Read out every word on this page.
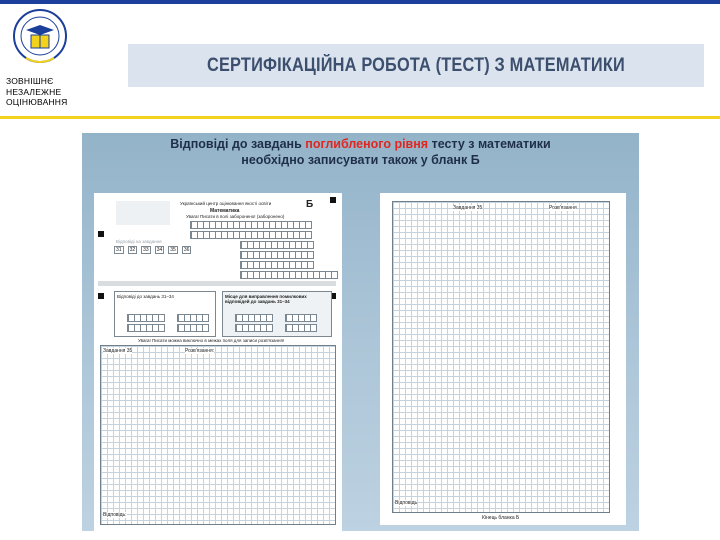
ЗОВНІШНЄ
НЕЗАЛЕЖНЕ
ОЦІНЮВАННЯ
СЕРТИФІКАЦІЙНА РОБОТА (ТЕСТ) З МАТЕМАТИКИ
Відповіді до завдань поглибленого рівня тесту з математики
необхідно записувати також у бланк Б
Український центр оцінювання якості освіти
Математика
Увага! Писати в полі заборонено! (заборонено)
Б
Відповіді на завдання
31	32	33	34	35	36
Відповіді до завдань 31–34	Місце для виправлення помилкових відповідей до завдань 31–34
Увага! Писати можна виключно в межах поля для записи розв'язання!
Завдання 35	Розв'язання:
Відповідь:
Завдання 35	Розв'язання
Відповідь
Кінець бланка Б
